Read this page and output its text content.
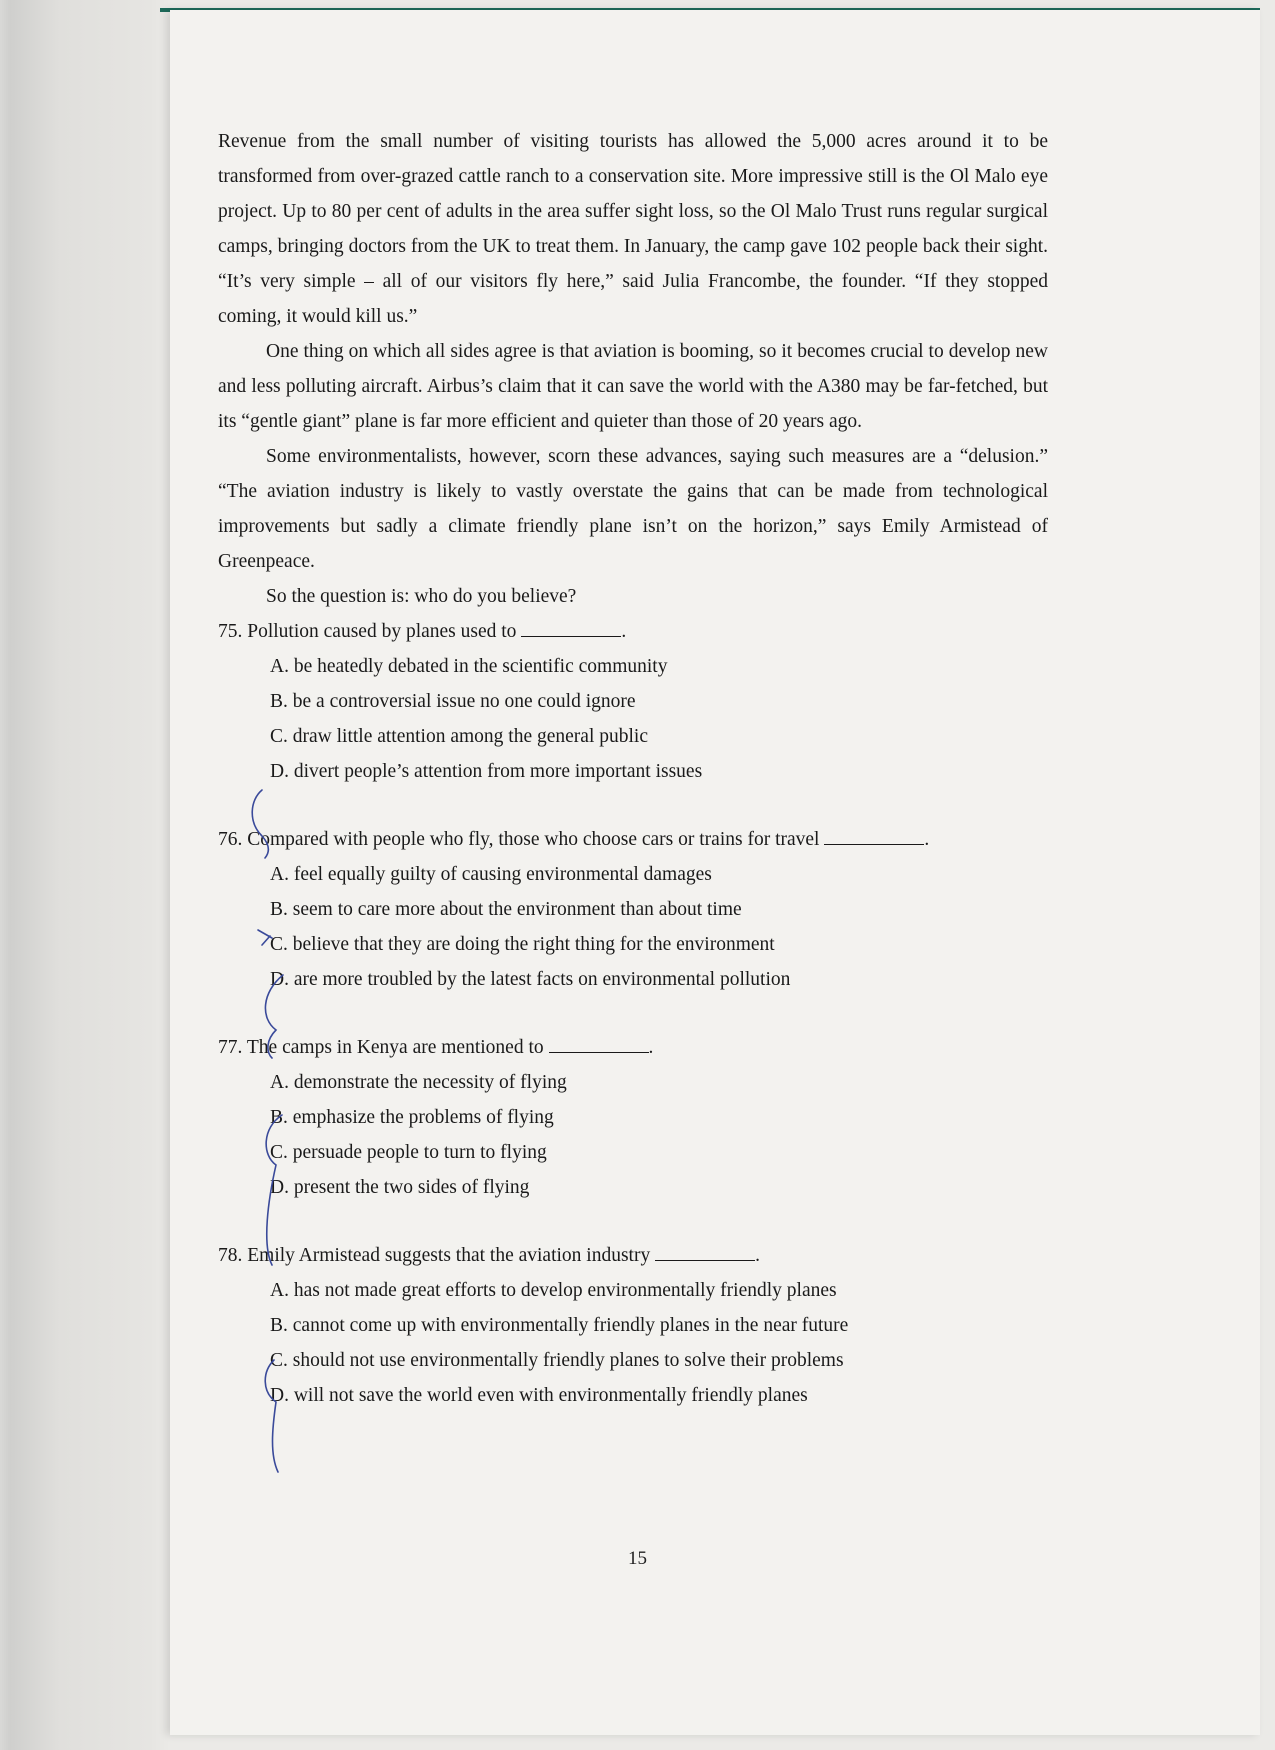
Revenue from the small number of visiting tourists has allowed the 5,000 acres around it to be transformed from over-grazed cattle ranch to a conservation site. More impressive still is the Ol Malo eye project. Up to 80 per cent of adults in the area suffer sight loss, so the Ol Malo Trust runs regular surgical camps, bringing doctors from the UK to treat them. In January, the camp gave 102 people back their sight. “It’s very simple – all of our visitors fly here,” said Julia Francombe, the founder. “If they stopped coming, it would kill us.”

One thing on which all sides agree is that aviation is booming, so it becomes crucial to develop new and less polluting aircraft. Airbus’s claim that it can save the world with the A380 may be far-fetched, but its “gentle giant” plane is far more efficient and quieter than those of 20 years ago.

Some environmentalists, however, scorn these advances, saying such measures are a “delusion.” “The aviation industry is likely to vastly overstate the gains that can be made from technological improvements but sadly a climate friendly plane isn’t on the horizon,” says Emily Armistead of Greenpeace.

So the question is: who do you believe?

75. Pollution caused by planes used to	.

A. be heatedly debated in the scientific community
B. be a controversial issue no one could ignore
C. draw little attention among the general public
D. divert people’s attention from more important issues

76. Compared with people who fly, those who choose cars or trains for travel	.

A. feel equally guilty of causing environmental damages
B. seem to care more about the environment than about time
C. believe that they are doing the right thing for the environment
D. are more troubled by the latest facts on environmental pollution

77. The camps in Kenya are mentioned to	.

A. demonstrate the necessity of flying
B. emphasize the problems of flying
C. persuade people to turn to flying
D. present the two sides of flying

78. Emily Armistead suggests that the aviation industry	.

A. has not made great efforts to develop environmentally friendly planes
B. cannot come up with environmentally friendly planes in the near future
C. should not use environmentally friendly planes to solve their problems
D. will not save the world even with environmentally friendly planes
15
